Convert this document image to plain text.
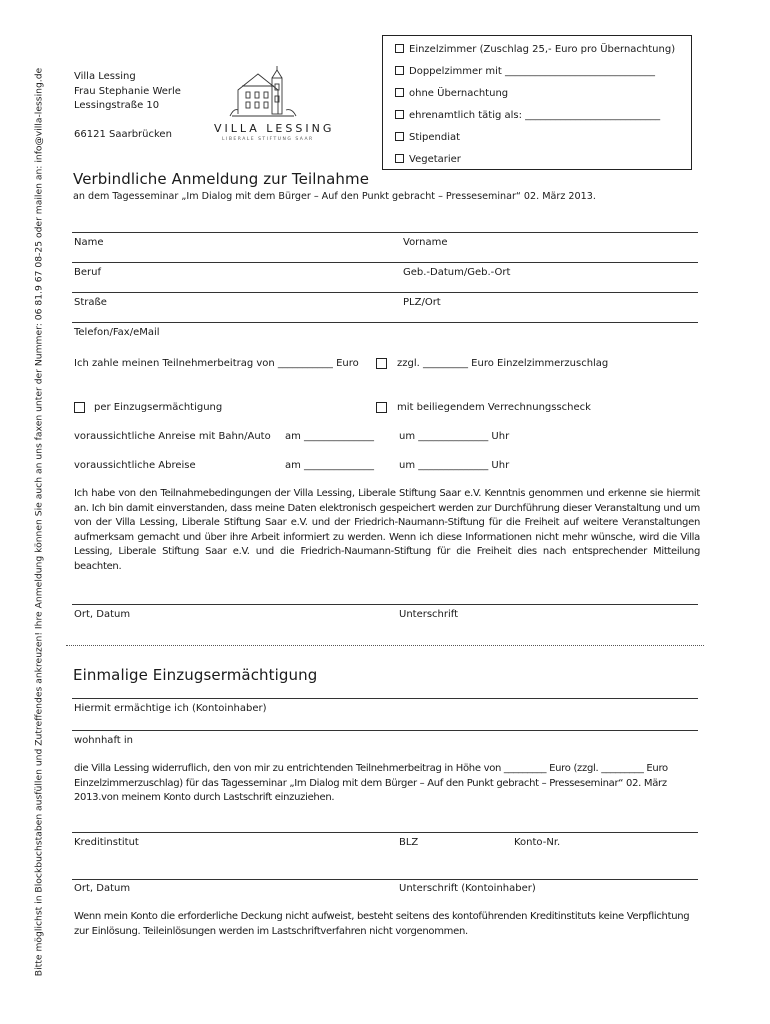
Bitte möglichst in Blockbuchstaben ausfüllen und Zutreffendes ankreuzen! Ihre Anmeldung können Sie auch an uns faxen unter der Nummer: 06 81.9 67 08-25 oder mailen an: info@villa-lessing.de	Villa Lessing
Frau Stephanie Werle
Lessingstraße 10
66121 Saarbrücken	VILLA LESSING
LIBERALE STIFTUNG SAAR
Einzelzimmer (Zuschlag 25,- Euro pro Übernachtung)
Doppelzimmer mit ______________________________
ohne Übernachtung
ehrenamtlich tätig als: ___________________________
Stipendiat
Vegetarier
Verbindliche Anmeldung zur Teilnahme
an dem Tagesseminar „Im Dialog mit dem Bürger – Auf den Punkt gebracht – Presseseminar“ 02. März 2013.
Name	Vorname
Beruf	Geb.-Datum/Geb.-Ort
Straße	PLZ/Ort
Telefon/Fax/eMail
Ich zahle meinen Teilnehmerbeitrag von ___________ Euro	zzgl. _________ Euro Einzelzimmerzuschlag
per Einzugsermächtigung	mit beiliegendem Verrechnungsscheck
voraussichtliche Anreise mit Bahn/Auto am ______________ um ______________ Uhr
voraussichtliche Abreise	am ______________ um ______________ Uhr
Ich habe von den Teilnahmebedingungen der Villa Lessing, Liberale Stiftung Saar e.V. Kenntnis genommen und erkenne sie hiermit an. Ich bin damit einverstanden, dass meine Daten elektronisch gespeichert werden zur Durchführung dieser Veranstaltung und um von der Villa Lessing, Liberale Stiftung Saar e.V. und der Friedrich-Naumann-Stiftung für die Freiheit auf weitere Veranstaltungen aufmerksam gemacht und über ihre Arbeit informiert zu werden. Wenn ich diese Informationen nicht mehr wünsche, wird die Villa Lessing, Liberale Stiftung Saar e.V. und die Friedrich-Naumann-Stiftung für die Freiheit dies nach entsprechender Mitteilung beachten.
Ort, Datum	Unterschrift
Einmalige Einzugsermächtigung
Hiermit ermächtige ich (Kontoinhaber)
wohnhaft in
die Villa Lessing widerruflich, den von mir zu entrichtenden Teilnehmerbeitrag in Höhe von _________ Euro (zzgl. _________ Euro Einzelzimmerzuschlag) für das Tagesseminar „Im Dialog mit dem Bürger – Auf den Punkt gebracht – Presseseminar“ 02. März 2013.von meinem Konto durch Lastschrift einzuziehen.
Kreditinstitut	BLZ	Konto-Nr.
Ort, Datum	Unterschrift (Kontoinhaber)
Wenn mein Konto die erforderliche Deckung nicht aufweist, besteht seitens des kontoführenden Kreditinstituts keine Verpflichtung zur Einlösung. Teileinlösungen werden im Lastschriftverfahren nicht vorgenommen.
